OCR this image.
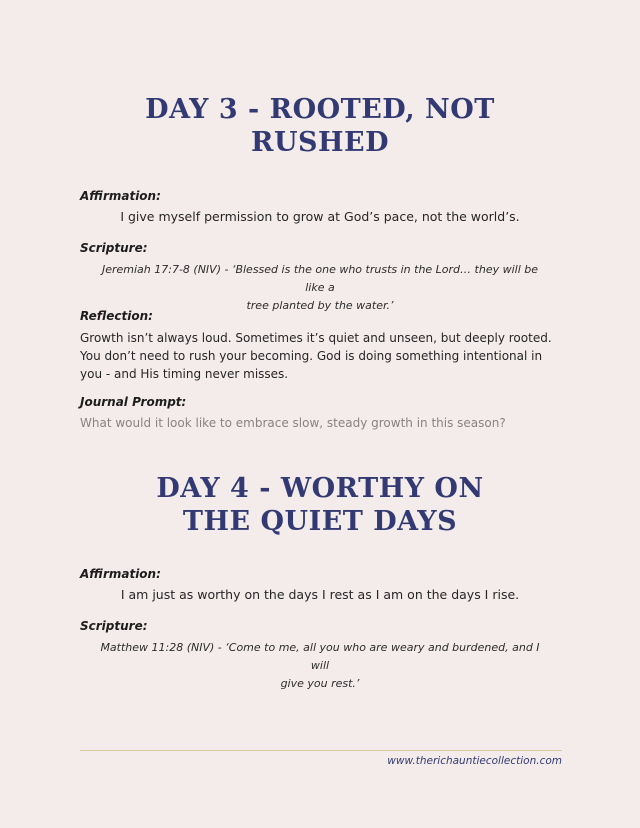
DAY 3 - ROOTED, NOT
RUSHED

Affirmation:

I give myself permission to grow at God’s pace, not the world’s.

Scripture:

Jeremiah 17:7-8 (NIV) - ‘Blessed is the one who trusts in the Lord… they will be like a
tree planted by the water.’

Reflection:

Growth isn’t always loud. Sometimes it’s quiet and unseen, but deeply rooted. You don’t need to rush your becoming. God is doing something intentional in you - and His timing never misses.

Journal Prompt:

What would it look like to embrace slow, steady growth in this season?

DAY 4 - WORTHY ON
THE QUIET DAYS

Affirmation:

I am just as worthy on the days I rest as I am on the days I rise.

Scripture:

Matthew 11:28 (NIV) - ‘Come to me, all you who are weary and burdened, and I will
give you rest.’
www.therichauntiecollection.com
